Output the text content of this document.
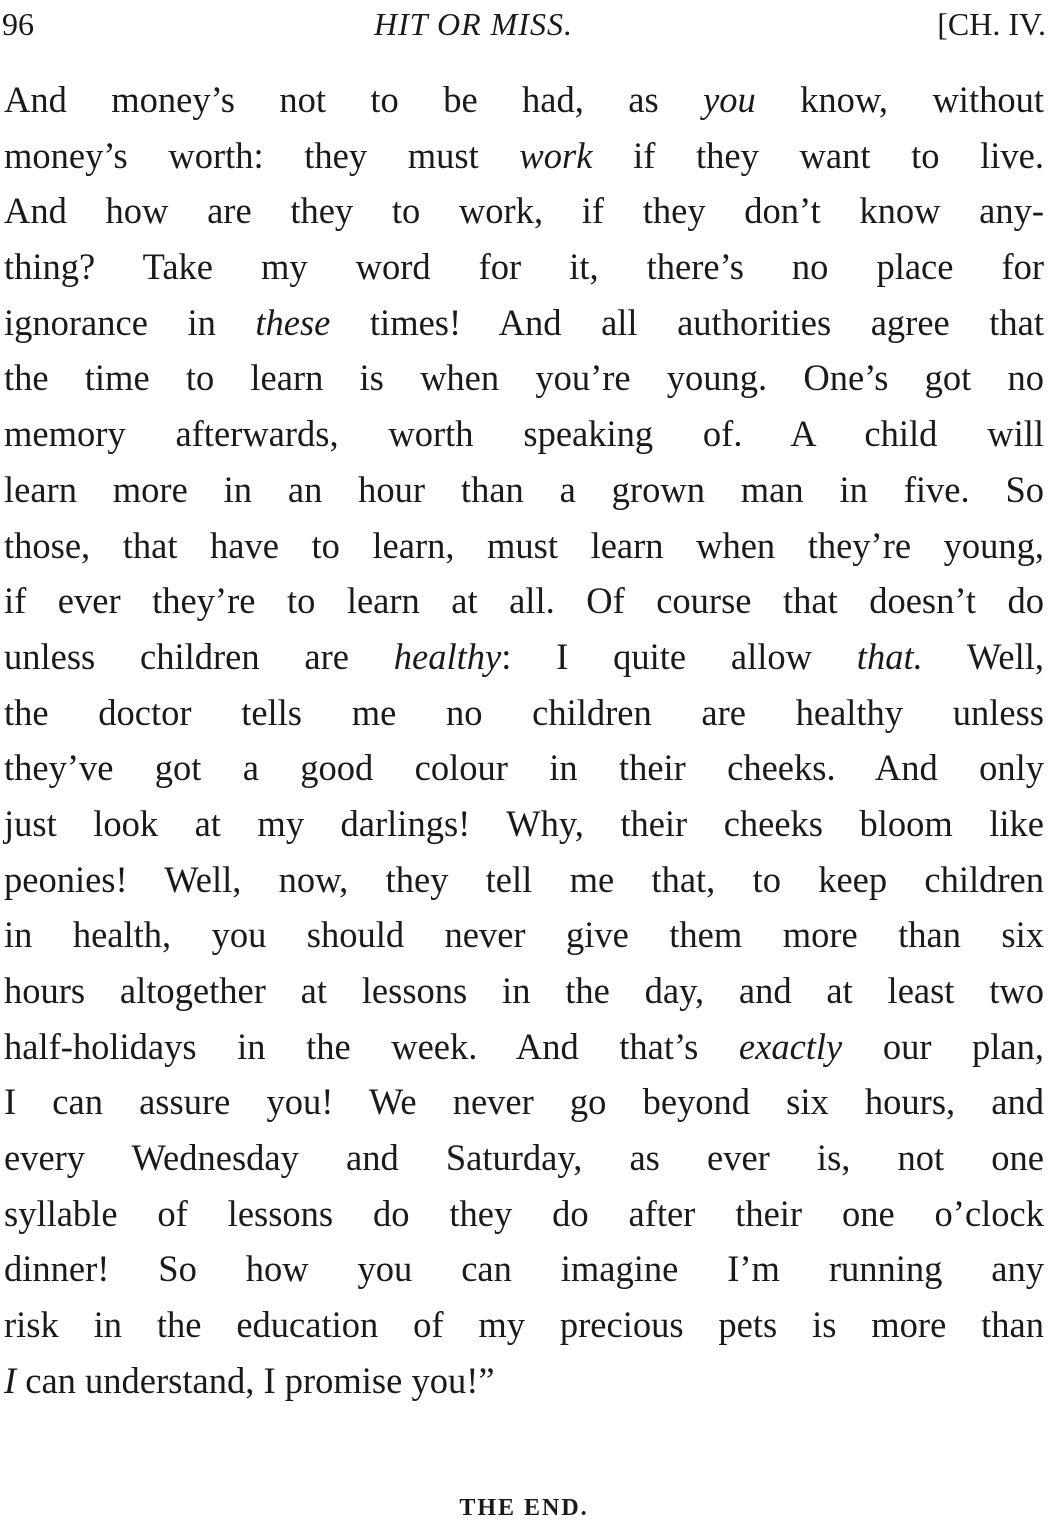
96	HIT OR MISS.	[CH. IV.
And money’s not to be had, as you know, without
money’s worth: they must work if they want to live.
And how are they to work, if they don’t know any-
thing? Take my word for it, there’s no place for
ignorance in these times! And all authorities agree that
the time to learn is when you’re young. One’s got no
memory afterwards, worth speaking of. A child will
learn more in an hour than a grown man in five. So
those, that have to learn, must learn when they’re young,
if ever they’re to learn at all. Of course that doesn’t do
unless children are healthy: I quite allow that. Well,
the doctor tells me no children are healthy unless
they’ve got a good colour in their cheeks. And only
just look at my darlings! Why, their cheeks bloom like
peonies! Well, now, they tell me that, to keep children
in health, you should never give them more than six
hours altogether at lessons in the day, and at least two
half-holidays in the week. And that’s exactly our plan,
I can assure you! We never go beyond six hours, and
every Wednesday and Saturday, as ever is, not one
syllable of lessons do they do after their one o’clock
dinner! So how you can imagine I’m running any
risk in the education of my precious pets is more than
I can understand, I promise you!”
THE END.
